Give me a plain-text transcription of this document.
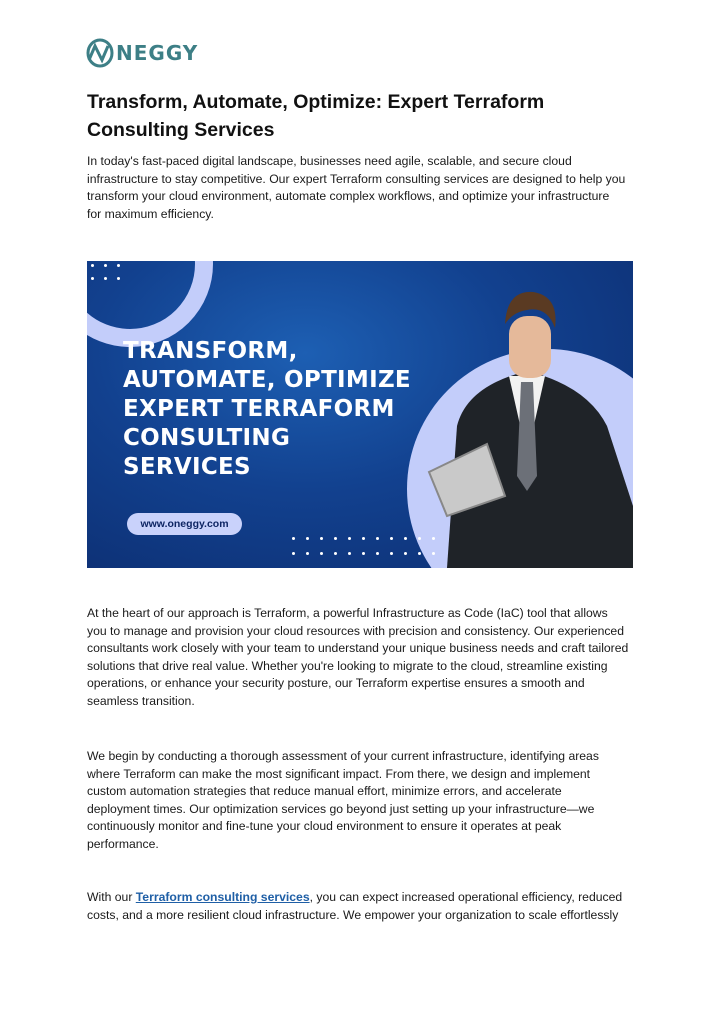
NEGGY
Transform, Automate, Optimize: Expert Terraform
Consulting Services
In today's fast-paced digital landscape, businesses need agile, scalable, and secure cloud
infrastructure to stay competitive. Our expert Terraform consulting services are designed to help you
transform your cloud environment, automate complex workflows, and optimize your infrastructure
for maximum efficiency.
TRANSFORM,
AUTOMATE, OPTIMIZE
EXPERT TERRAFORM
CONSULTING
SERVICES
www.oneggy.com
At the heart of our approach is Terraform, a powerful Infrastructure as Code (IaC) tool that allows
you to manage and provision your cloud resources with precision and consistency. Our experienced
consultants work closely with your team to understand your unique business needs and craft tailored
solutions that drive real value. Whether you're looking to migrate to the cloud, streamline existing
operations, or enhance your security posture, our Terraform expertise ensures a smooth and
seamless transition.
We begin by conducting a thorough assessment of your current infrastructure, identifying areas
where Terraform can make the most significant impact. From there, we design and implement
custom automation strategies that reduce manual effort, minimize errors, and accelerate
deployment times. Our optimization services go beyond just setting up your infrastructure—we
continuously monitor and fine-tune your cloud environment to ensure it operates at peak
performance.
With our Terraform consulting services, you can expect increased operational efficiency, reduced
costs, and a more resilient cloud infrastructure. We empower your organization to scale effortlessly
